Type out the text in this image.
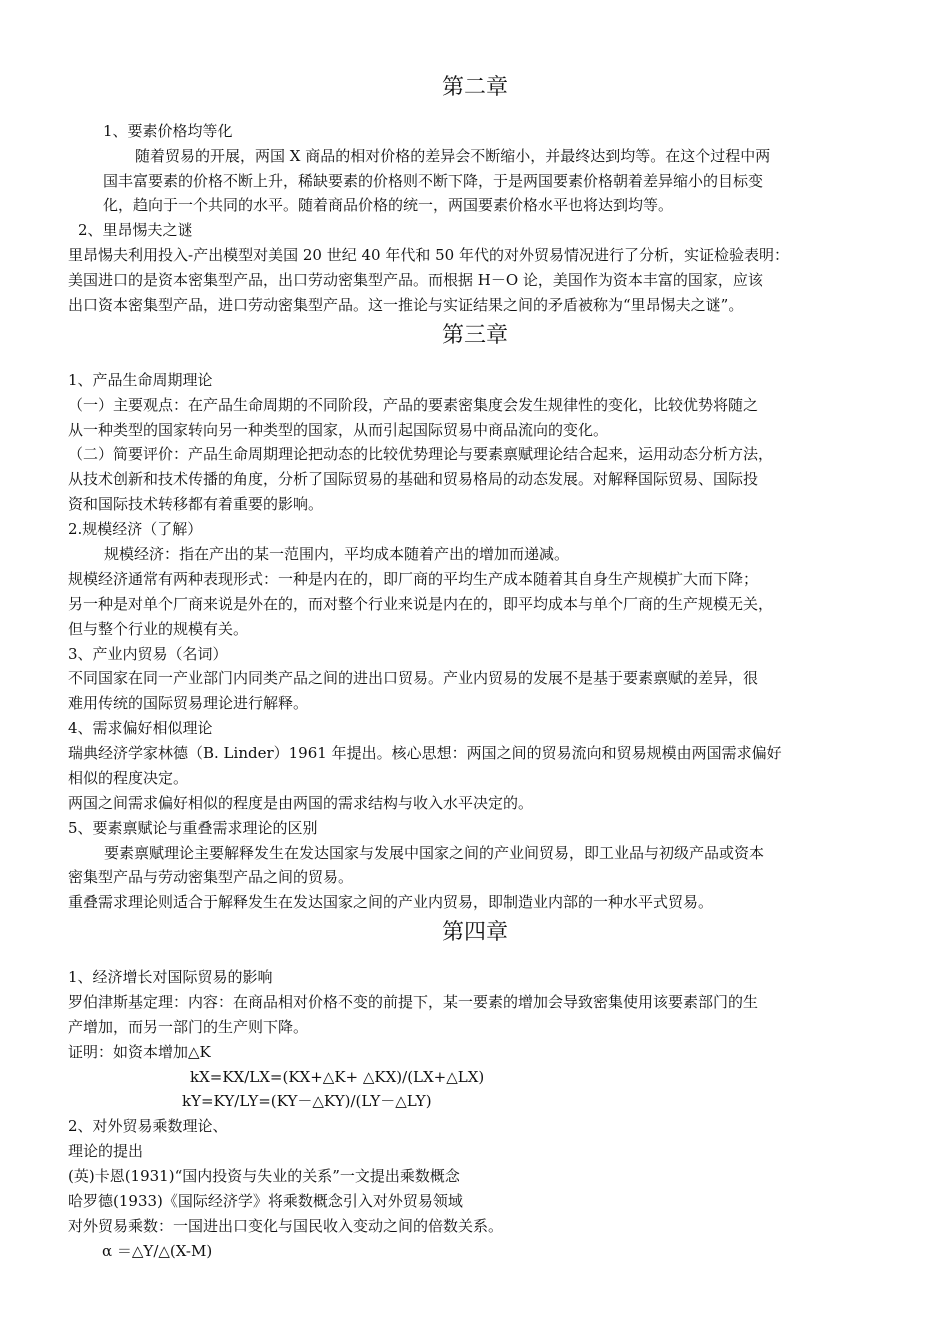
第二章
1、要素价格均等化
随着贸易的开展，两国 X 商品的相对价格的差异会不断缩小，并最终达到均等。在这个过程中两
国丰富要素的价格不断上升，稀缺要素的价格则不断下降，于是两国要素价格朝着差异缩小的目标变
化，趋向于一个共同的水平。随着商品价格的统一，两国要素价格水平也将达到均等。
2、里昂惕夫之谜
里昂惕夫利用投入-产出模型对美国 20 世纪 40 年代和 50 年代的对外贸易情况进行了分析，实证检验表明：
美国进口的是资本密集型产品，出口劳动密集型产品。而根据 H－O 论，美国作为资本丰富的国家，应该
出口资本密集型产品，进口劳动密集型产品。这一推论与实证结果之间的矛盾被称为“里昂惕夫之谜”。
第三章
1、产品生命周期理论
（一）主要观点：在产品生命周期的不同阶段，产品的要素密集度会发生规律性的变化，比较优势将随之
从一种类型的国家转向另一种类型的国家，从而引起国际贸易中商品流向的变化。
（二）简要评价：产品生命周期理论把动态的比较优势理论与要素禀赋理论结合起来，运用动态分析方法，
从技术创新和技术传播的角度，分析了国际贸易的基础和贸易格局的动态发展。对解释国际贸易、国际投
资和国际技术转移都有着重要的影响。
2.规模经济（了解）
规模经济：指在产出的某一范围内，平均成本随着产出的增加而递减。
规模经济通常有两种表现形式：一种是内在的，即厂商的平均生产成本随着其自身生产规模扩大而下降；
另一种是对单个厂商来说是外在的，而对整个行业来说是内在的，即平均成本与单个厂商的生产规模无关，
但与整个行业的规模有关。
3、产业内贸易（名词）
不同国家在同一产业部门内同类产品之间的进出口贸易。产业内贸易的发展不是基于要素禀赋的差异，很
难用传统的国际贸易理论进行解释。
4、需求偏好相似理论
瑞典经济学家林德（B. Linder）1961 年提出。核心思想：两国之间的贸易流向和贸易规模由两国需求偏好
相似的程度决定。
两国之间需求偏好相似的程度是由两国的需求结构与收入水平决定的。
5、要素禀赋论与重叠需求理论的区别
要素禀赋理论主要解释发生在发达国家与发展中国家之间的产业间贸易，即工业品与初级产品或资本
密集型产品与劳动密集型产品之间的贸易。
重叠需求理论则适合于解释发生在发达国家之间的产业内贸易，即制造业内部的一种水平式贸易。
第四章
1、经济增长对国际贸易的影响
罗伯津斯基定理：内容：在商品相对价格不变的前提下，某一要素的增加会导致密集使用该要素部门的生
产增加，而另一部门的生产则下降。
证明：如资本增加△K
kX=KX/LX=(KX+△K+ △KX)/(LX+△LX)
kY=KY/LY=(KY－△KY)/(LY－△LY)
2、对外贸易乘数理论、
理论的提出
(英)卡恩(1931)“国内投资与失业的关系”一文提出乘数概念
哈罗德(1933)《国际经济学》将乘数概念引入对外贸易领域
对外贸易乘数：一国进出口变化与国民收入变动之间的倍数关系。
α ＝△Y/△(X-M)
